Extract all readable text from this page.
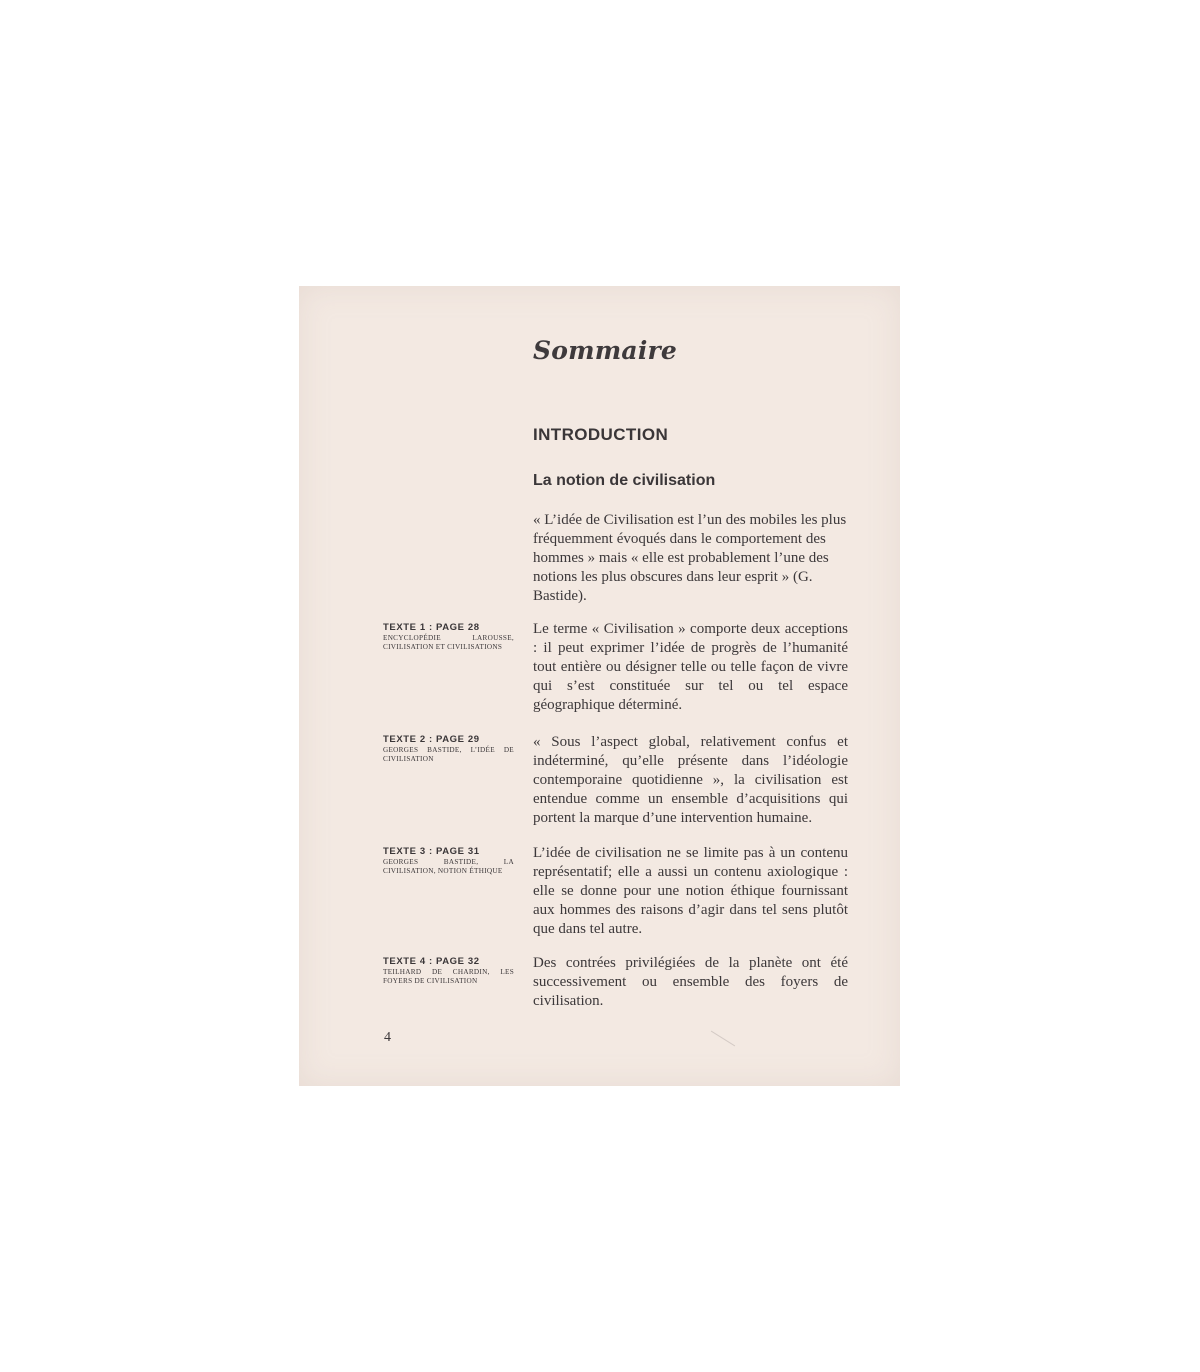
Sommaire
INTRODUCTION
La notion de civilisation

« L’idée de Civilisation est l’un des mobiles les plus fréquemment évoqués dans le comportement des hommes » mais « elle est probablement l’une des notions les plus obscures dans leur esprit » (G. Bastide).

TEXTE 1 : PAGE 28
ENCYCLOPÉDIE LAROUSSE, CIVILISATION ET CIVILISATIONS

Le terme « Civilisation » comporte deux acceptions : il peut exprimer l’idée de progrès de l’humanité tout entière ou désigner telle ou telle façon de vivre qui s’est constituée sur tel ou tel espace géographique déterminé.

TEXTE 2 : PAGE 29
GEORGES BASTIDE, L’IDÉE DE CIVILISATION

« Sous l’aspect global, relativement confus et indéterminé, qu’elle présente dans l’idéologie contemporaine quotidienne », la civilisation est entendue comme un ensemble d’acquisitions qui portent la marque d’une intervention humaine.

TEXTE 3 : PAGE 31
GEORGES BASTIDE, LA CIVILISATION, NOTION ÉTHIQUE

L’idée de civilisation ne se limite pas à un contenu représentatif; elle a aussi un contenu axiologique : elle se donne pour une notion éthique fournissant aux hommes des raisons d’agir dans tel sens plutôt que dans tel autre.

TEXTE 4 : PAGE 32
TEILHARD DE CHARDIN, LES FOYERS DE CIVILISATION

Des contrées privilégiées de la planète ont été successivement ou ensemble des foyers de civilisation.

4
